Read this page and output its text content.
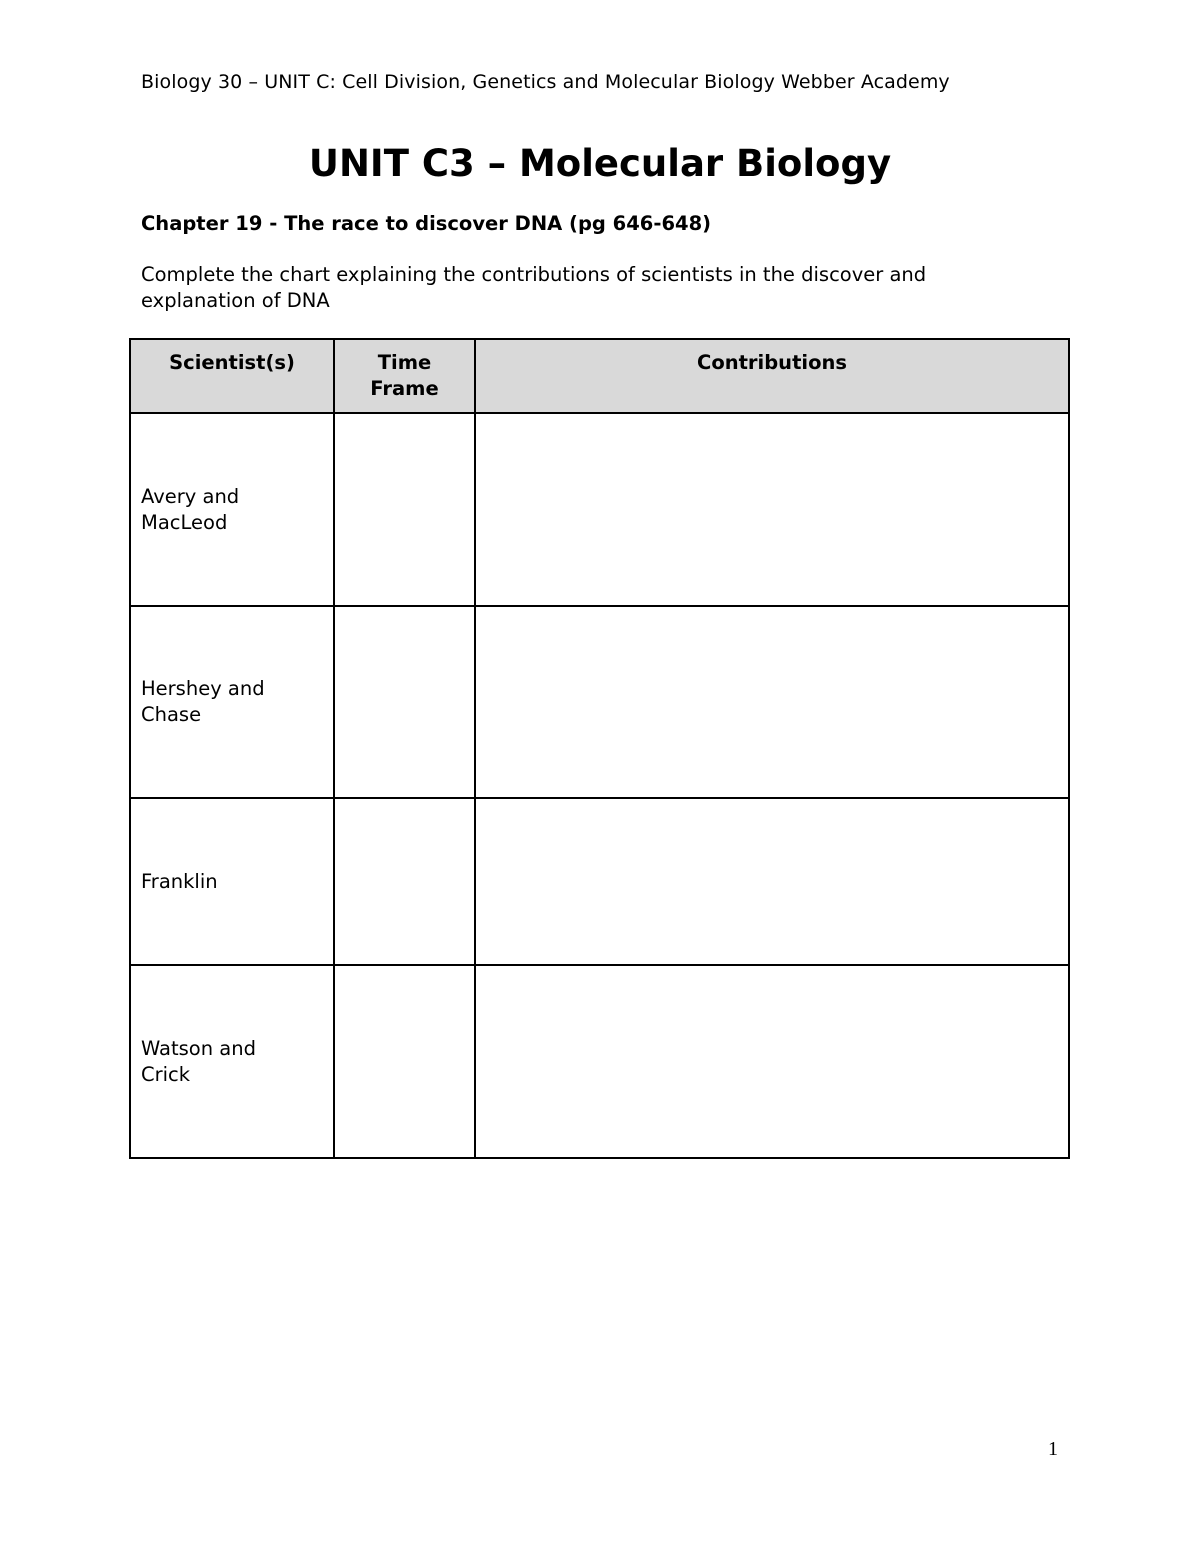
Biology 30 – UNIT C: Cell Division, Genetics and Molecular Biology Webber Academy
UNIT C3 – Molecular Biology
Chapter 19 - The race to discover DNA (pg 646-648)
Complete the chart explaining the contributions of scientists in the discover and explanation of DNA
Scientist(s)	Time Frame	Contributions

Avery and MacLeod		

Hershey and Chase		

Franklin		

Watson and Crick		

1
